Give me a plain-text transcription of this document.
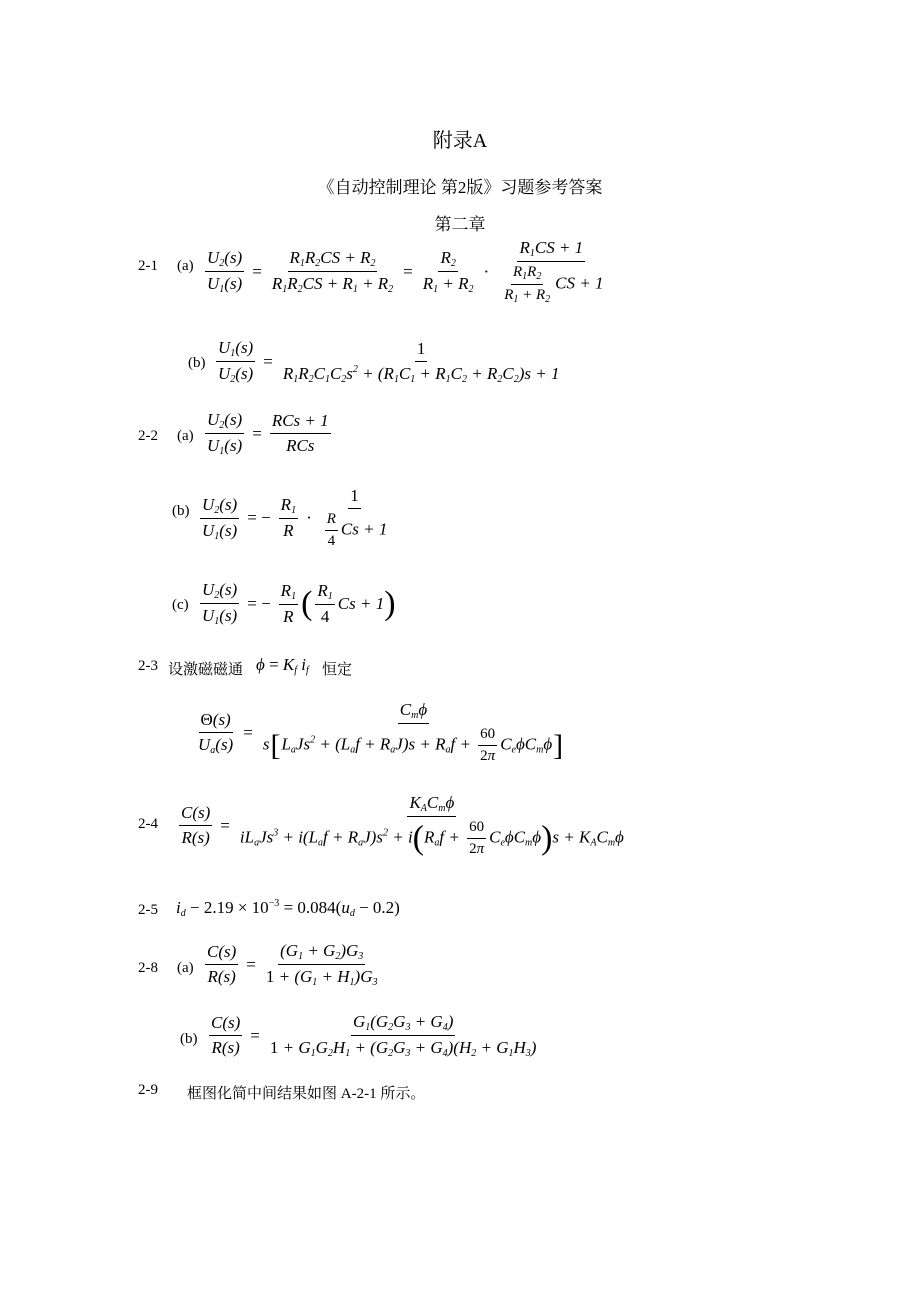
附录A
《自动控制理论 第2版》习题参考答案
第二章
2-1 $(a) \frac{U_2(s)}{U_1(s)} = \frac{R_1R_2CS + R_2}{R_1R_2CS + R_1 + R_2} = \frac{R_2}{R_1 + R_2} \cdot \frac{R_1CS + 1}{\frac{R_1R_2}{R_1 + R_2} CS + 1}$
$(b) \frac{U_1(s)}{U_2(s)} = \frac{1}{R_1R_2C_1C_2s^2 + (R_1C_1 + R_1C_2 + R_2C_2)s + 1}$
2-2 $(a) \frac{U_2(s)}{U_1(s)} = \frac{\text{RCs + 1}}{\text{RCs}}$
$(b) \frac{U_2(s)}{U_1(s)}$ = − $\frac{R_1}{R} \cdot \frac{1}{\frac{R}{4} Cs + 1}$
$(c) \frac{U_2(s)}{U_1(s)}$ = − $\frac{R_1}{R}$ ( $\frac{R_1}{4}$ Cs + 1 )
2-3 设激磁磁通 $\phi = K_f$ $i_f$ 恒定
$\frac{\Theta(s)}{U_a(s)} = \frac{C_m\phi}{s[L_aJs^2 + (L_af + R_aJ)s + R_af + \frac{60}{2\pi} C_e\phi C_m\phi]}$
$2-4 \frac{C(s)}{R(s)} = \frac{K_AC_m\phi}{iL_aJs^3 + i(L_af + R_aJ)s^2 + i(R_af + \frac{60}{2\pi} C_e\phi C_m\phi)s + K_AC_m\phi}$
2-5 $i_d - 2.19 \times 10^{-3} = 0.084(u_d - 0.2)$
2-8 $(a) \frac{C(s)}{R(s)} = \frac{(G_1 + G_2)G_3}{1 + (G_1 + H_1)G_3}$
$(b) \frac{C(s)}{R(s)} = \frac{G_1(G_2G_3 + G_4)}{1 + G_1G_2H_1 + (G_2G_3 + G_4)(H_2 + G_1H_3)}$
2-9 框图化简中间结果如图 A-2-1 所示。
